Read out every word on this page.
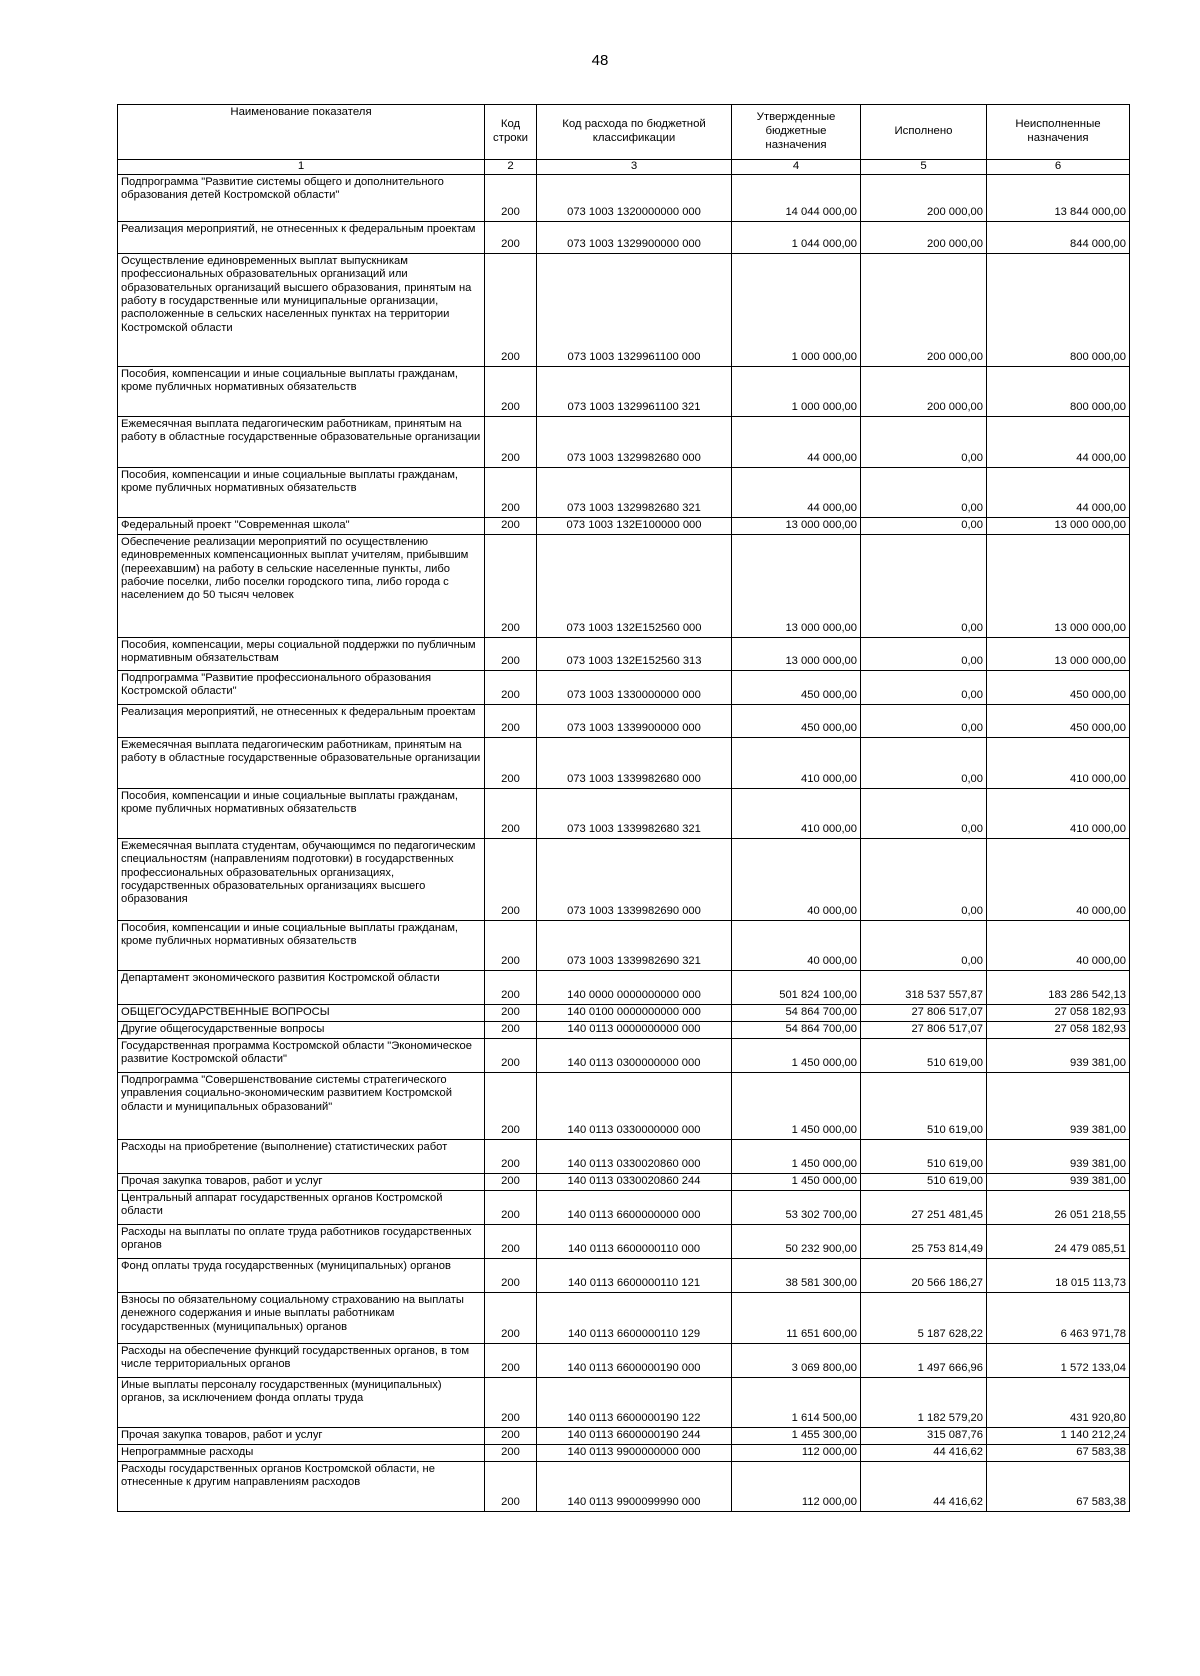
48
Наименование показателя	Код строки	Код расхода по бюджетной классификации	Утвержденные бюджетные назначения	Исполнено	Неисполненные назначения
1	2	3	4	5	6
Подпрограмма "Развитие системы общего и дополнительного образования детей Костромской области"	200	073 1003 1320000000 000	14 044 000,00	200 000,00	13 844 000,00
Реализация мероприятий, не отнесенных к федеральным проектам	200	073 1003 1329900000 000	1 044 000,00	200 000,00	844 000,00
Осуществление единовременных выплат выпускникам профессиональных образовательных организаций или образовательных организаций высшего образования, принятым на работу в государственные или муниципальные организации, расположенные в сельских населенных пунктах на территории Костромской области	200	073 1003 1329961100 000	1 000 000,00	200 000,00	800 000,00
Пособия, компенсации и иные социальные выплаты гражданам, кроме публичных нормативных обязательств	200	073 1003 1329961100 321	1 000 000,00	200 000,00	800 000,00
Ежемесячная выплата педагогическим работникам, принятым на работу в областные государственные образовательные организации	200	073 1003 1329982680 000	44 000,00	0,00	44 000,00
Пособия, компенсации и иные социальные выплаты гражданам, кроме публичных нормативных обязательств	200	073 1003 1329982680 321	44 000,00	0,00	44 000,00
Федеральный проект "Современная школа"	200	073 1003 132E100000 000	13 000 000,00	0,00	13 000 000,00
Обеспечение реализации мероприятий по осуществлению единовременных компенсационных выплат учителям, прибывшим (переехавшим) на работу в сельские населенные пункты, либо рабочие поселки, либо поселки городского типа, либо города с населением до 50 тысяч человек	200	073 1003 132E152560 000	13 000 000,00	0,00	13 000 000,00
Пособия, компенсации, меры социальной поддержки по публичным нормативным обязательствам	200	073 1003 132E152560 313	13 000 000,00	0,00	13 000 000,00
Подпрограмма "Развитие профессионального образования Костромской области"	200	073 1003 1330000000 000	450 000,00	0,00	450 000,00
Реализация мероприятий, не отнесенных к федеральным проектам	200	073 1003 1339900000 000	450 000,00	0,00	450 000,00
Ежемесячная выплата педагогическим работникам, принятым на работу в областные государственные образовательные организации	200	073 1003 1339982680 000	410 000,00	0,00	410 000,00
Пособия, компенсации и иные социальные выплаты гражданам, кроме публичных нормативных обязательств	200	073 1003 1339982680 321	410 000,00	0,00	410 000,00
Ежемесячная выплата студентам, обучающимся по педагогическим специальностям (направлениям подготовки) в государственных профессиональных образовательных организациях, государственных образовательных организациях высшего образования	200	073 1003 1339982690 000	40 000,00	0,00	40 000,00
Пособия, компенсации и иные социальные выплаты гражданам, кроме публичных нормативных обязательств	200	073 1003 1339982690 321	40 000,00	0,00	40 000,00
Департамент экономического развития Костромской области	200	140 0000 0000000000 000	501 824 100,00	318 537 557,87	183 286 542,13
ОБЩЕГОСУДАРСТВЕННЫЕ ВОПРОСЫ	200	140 0100 0000000000 000	54 864 700,00	27 806 517,07	27 058 182,93
Другие общегосударственные вопросы	200	140 0113 0000000000 000	54 864 700,00	27 806 517,07	27 058 182,93
Государственная программа Костромской области "Экономическое развитие Костромской области"	200	140 0113 0300000000 000	1 450 000,00	510 619,00	939 381,00
Подпрограмма "Совершенствование системы стратегического управления социально-экономическим развитием Костромской области и муниципальных образований"	200	140 0113 0330000000 000	1 450 000,00	510 619,00	939 381,00
Расходы на приобретение (выполнение) статистических работ	200	140 0113 0330020860 000	1 450 000,00	510 619,00	939 381,00
Прочая закупка товаров, работ и услуг	200	140 0113 0330020860 244	1 450 000,00	510 619,00	939 381,00
Центральный аппарат государственных органов Костромской области	200	140 0113 6600000000 000	53 302 700,00	27 251 481,45	26 051 218,55
Расходы на выплаты по оплате труда работников государственных органов	200	140 0113 6600000110 000	50 232 900,00	25 753 814,49	24 479 085,51
Фонд оплаты труда государственных (муниципальных) органов	200	140 0113 6600000110 121	38 581 300,00	20 566 186,27	18 015 113,73
Взносы по обязательному социальному страхованию на выплаты денежного содержания и иные выплаты работникам государственных (муниципальных) органов	200	140 0113 6600000110 129	11 651 600,00	5 187 628,22	6 463 971,78
Расходы на обеспечение функций государственных органов, в том числе территориальных органов	200	140 0113 6600000190 000	3 069 800,00	1 497 666,96	1 572 133,04
Иные выплаты персоналу государственных (муниципальных) органов, за исключением фонда оплаты труда	200	140 0113 6600000190 122	1 614 500,00	1 182 579,20	431 920,80
Прочая закупка товаров, работ и услуг	200	140 0113 6600000190 244	1 455 300,00	315 087,76	1 140 212,24
Непрограммные расходы	200	140 0113 9900000000 000	112 000,00	44 416,62	67 583,38
Расходы государственных органов Костромской области, не отнесенные к другим направлениям расходов	200	140 0113 9900099990 000	112 000,00	44 416,62	67 583,38
